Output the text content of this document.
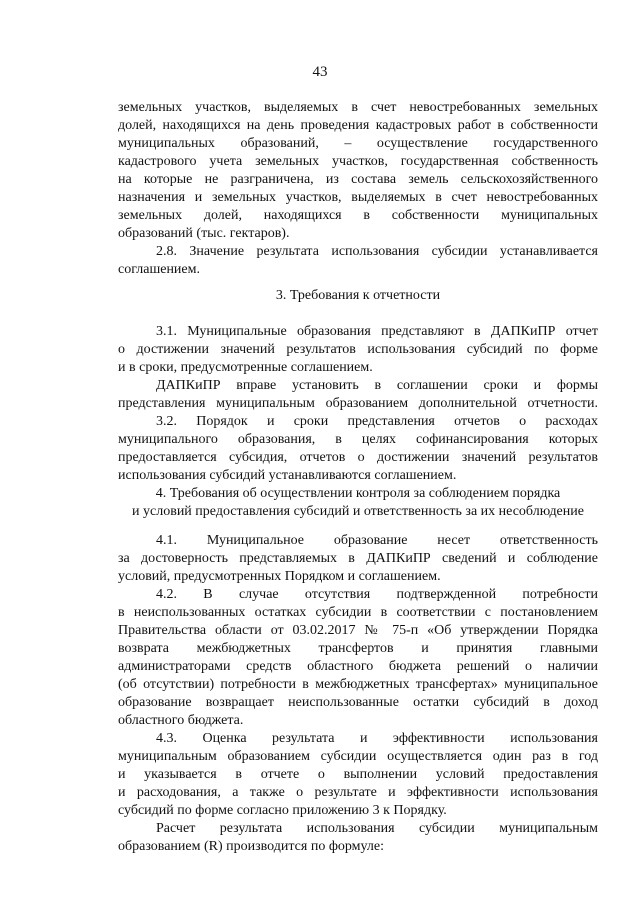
43
земельных участков, выделяемых в счет невостребованных земельных
долей, находящихся на день проведения кадастровых работ в собственности
муниципальных образований, – осуществление государственного
кадастрового учета земельных участков, государственная собственность
на которые не разграничена, из состава земель сельскохозяйственного
назначения и земельных участков, выделяемых в счет невостребованных
земельных долей, находящихся в собственности муниципальных
образований (тыс. гектаров).
2.8. Значение результата использования субсидии устанавливается
соглашением.
3. Требования к отчетности
3.1. Муниципальные образования представляют в ДАПКиПР отчет
о достижении значений результатов использования субсидий по форме
и в сроки, предусмотренные соглашением.
ДАПКиПР вправе установить в соглашении сроки и формы
представления муниципальным образованием дополнительной отчетности.
3.2. Порядок и сроки представления отчетов о расходах
муниципального образования, в целях софинансирования которых
предоставляется субсидия, отчетов о достижении значений результатов
использования субсидий устанавливаются соглашением.
4. Требования об осуществлении контроля за соблюдением порядка
и условий предоставления субсидий и ответственность за их несоблюдение
4.1. Муниципальное образование несет ответственность
за достоверность представляемых в ДАПКиПР сведений и соблюдение
условий, предусмотренных Порядком и соглашением.
4.2. В случае отсутствия подтвержденной потребности
в неиспользованных остатках субсидии в соответствии с постановлением
Правительства области от 03.02.2017 № 75-п «Об утверждении Порядка
возврата межбюджетных трансфертов и принятия главными
администраторами средств областного бюджета решений о наличии
(об отсутствии) потребности в межбюджетных трансфертах» муниципальное
образование возвращает неиспользованные остатки субсидий в доход
областного бюджета.
4.3. Оценка результата и эффективности использования
муниципальным образованием субсидии осуществляется один раз в год
и указывается в отчете о выполнении условий предоставления
и расходования, а также о результате и эффективности использования
субсидий по форме согласно приложению 3 к Порядку.
Расчет результата использования субсидии муниципальным
образованием (R) производится по формуле:
